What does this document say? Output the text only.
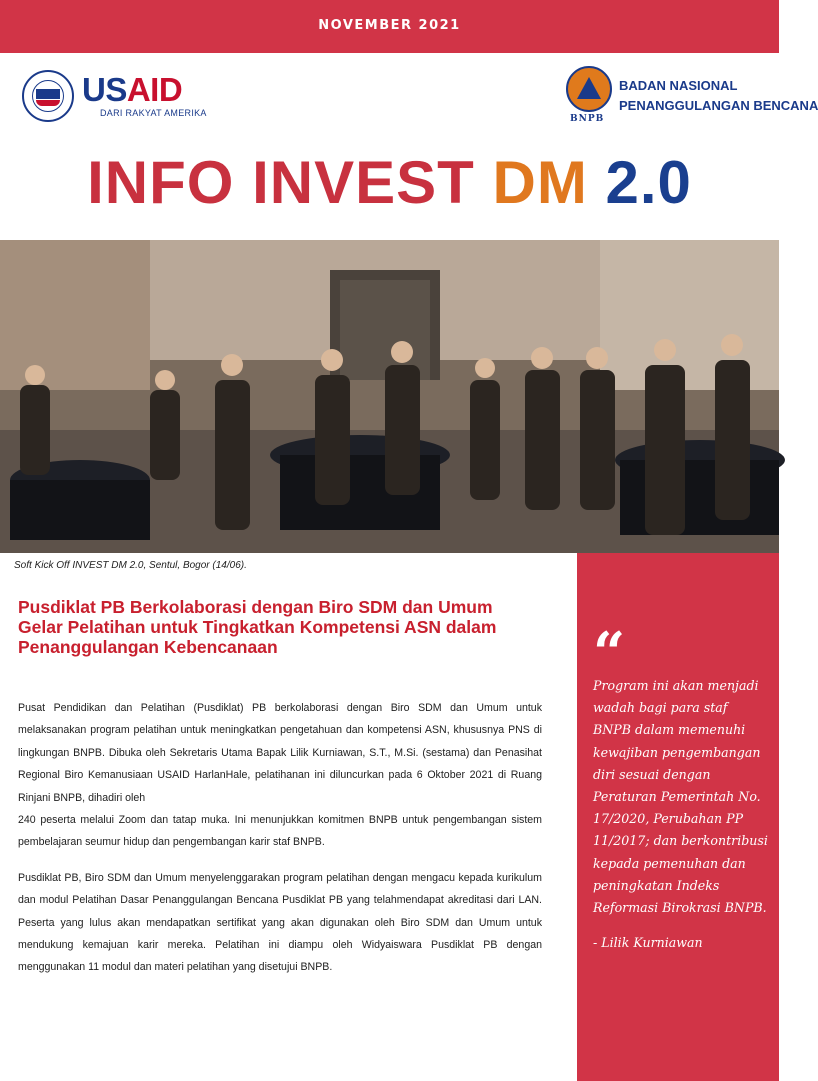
NOVEMBER 2021
USAID
DARI RAKYAT AMERIKA
BNPB
BADAN NASIONAL
PENANGGULANGAN BENCANA
INFO INVEST DM 2.0
Soft Kick Off INVEST DM 2.0, Sentul, Bogor (14/06).
Pusdiklat PB Berkolaborasi dengan Biro SDM dan Umum
Gelar Pelatihan untuk Tingkatkan Kompetensi ASN dalam
Penanggulangan Kebencanaan

Pusat Pendidikan dan Pelatihan (Pusdiklat) PB berkolaborasi dengan Biro SDM dan Umum untuk melaksanakan program pelatihan untuk meningkatkan pengetahuan dan kompetensi ASN, khususnya PNS di lingkungan BNPB. Dibuka oleh Sekretaris Utama Bapak Lilik Kurniawan, S.T., M.Si. (sestama) dan Penasihat Regional Biro Kemanusiaan USAID HarlanHale, pelatihanan ini diluncurkan pada 6 Oktober 2021 di Ruang Rinjani BNPB, dihadiri oleh

240 peserta melalui Zoom dan tatap muka. Ini menunjukkan komitmen BNPB untuk pengembangan sistem pembelajaran seumur hidup dan pengembangan karir staf BNPB.

Pusdiklat PB, Biro SDM dan Umum menyelenggarakan program pelatihan dengan mengacu kepada kurikulum dan modul Pelatihan Dasar Penanggulangan Bencana Pusdiklat PB yang telahmendapat akreditasi dari LAN. Peserta yang lulus akan mendapatkan sertifikat yang akan digunakan oleh Biro SDM dan Umum untuk mendukung kemajuan karir mereka. Pelatihan ini diampu oleh Widyaiswara Pusdiklat PB dengan menggunakan 11 modul dan materi pelatihan yang disetujui BNPB.

“
Program ini akan menjadi wadah bagi para staf BNPB dalam memenuhi kewajiban pengembangan diri sesuai dengan Peraturan Pemerintah No. 17/2020, Perubahan PP 11/2017; dan berkontribusi kepada pemenuhan dan peningkatan Indeks Reformasi Birokrasi BNPB.
- Lilik Kurniawan
